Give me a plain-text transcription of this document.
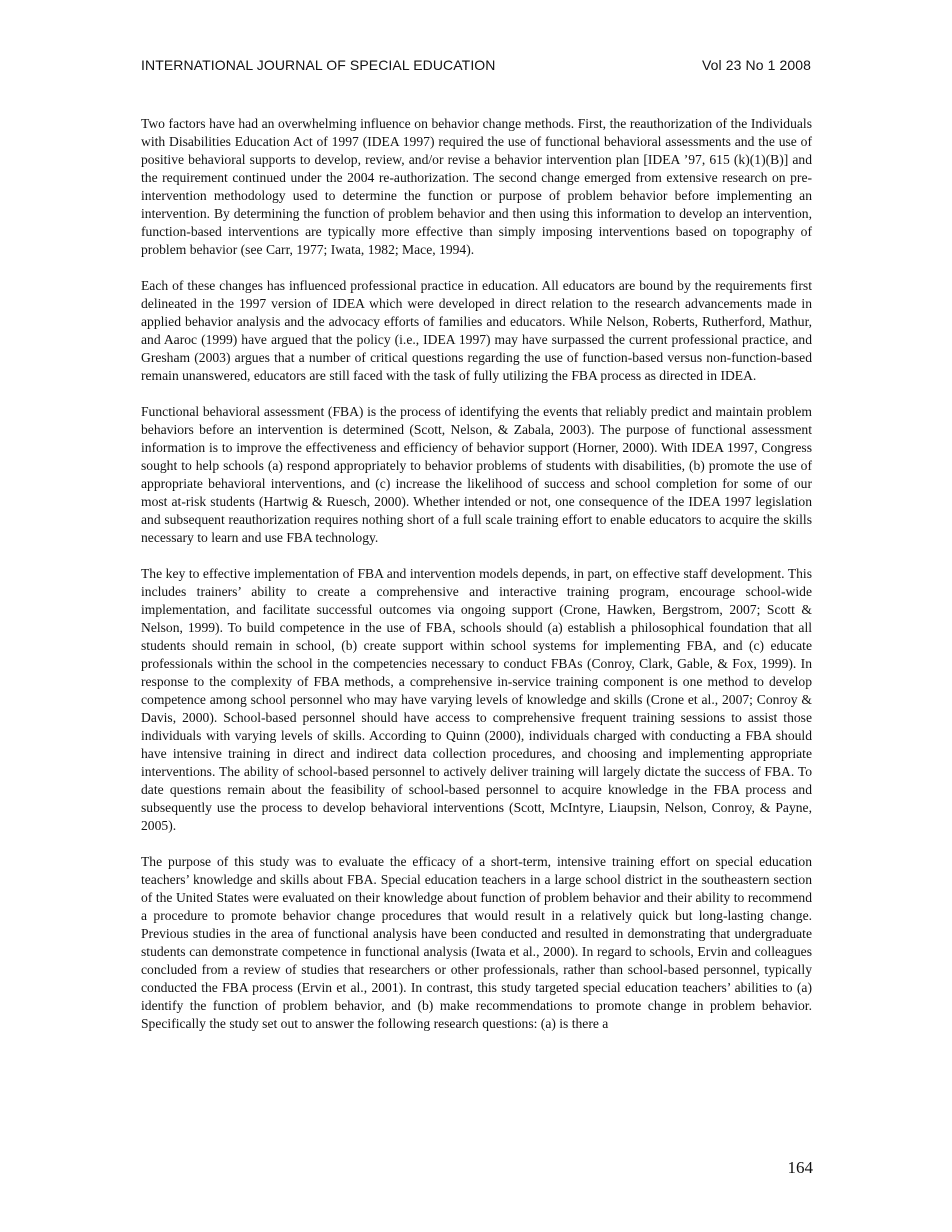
INTERNATIONAL JOURNAL OF SPECIAL EDUCATION	Vol 23 No 1 2008

Two factors have had an overwhelming influence on behavior change methods. First, the reauthorization of the Individuals with Disabilities Education Act of 1997 (IDEA 1997) required the use of functional behavioral assessments and the use of positive behavioral supports to develop, review, and/or revise a behavior intervention plan [IDEA ’97, 615 (k)(1)(B)] and the requirement continued under the 2004 re-authorization. The second change emerged from extensive research on pre-intervention methodology used to determine the function or purpose of problem behavior before implementing an intervention. By determining the function of problem behavior and then using this information to develop an intervention, function-based interventions are typically more effective than simply imposing interventions based on topography of problem behavior (see Carr, 1977; Iwata, 1982; Mace, 1994).

Each of these changes has influenced professional practice in education. All educators are bound by the requirements first delineated in the 1997 version of IDEA which were developed in direct relation to the research advancements made in applied behavior analysis and the advocacy efforts of families and educators. While Nelson, Roberts, Rutherford, Mathur, and Aaroc (1999) have argued that the policy (i.e., IDEA 1997) may have surpassed the current professional practice, and Gresham (2003) argues that a number of critical questions regarding the use of function-based versus non-function-based remain unanswered, educators are still faced with the task of fully utilizing the FBA process as directed in IDEA.

Functional behavioral assessment (FBA) is the process of identifying the events that reliably predict and maintain problem behaviors before an intervention is determined (Scott, Nelson, & Zabala, 2003). The purpose of functional assessment information is to improve the effectiveness and efficiency of behavior support (Horner, 2000). With IDEA 1997, Congress sought to help schools (a) respond appropriately to behavior problems of students with disabilities, (b) promote the use of appropriate behavioral interventions, and (c) increase the likelihood of success and school completion for some of our most at-risk students (Hartwig & Ruesch, 2000). Whether intended or not, one consequence of the IDEA 1997 legislation and subsequent reauthorization requires nothing short of a full scale training effort to enable educators to acquire the skills necessary to learn and use FBA technology.

The key to effective implementation of FBA and intervention models depends, in part, on effective staff development. This includes trainers’ ability to create a comprehensive and interactive training program, encourage school-wide implementation, and facilitate successful outcomes via ongoing support (Crone, Hawken, Bergstrom, 2007; Scott & Nelson, 1999). To build competence in the use of FBA, schools should (a) establish a philosophical foundation that all students should remain in school, (b) create support within school systems for implementing FBA, and (c) educate professionals within the school in the competencies necessary to conduct FBAs (Conroy, Clark, Gable, & Fox, 1999). In response to the complexity of FBA methods, a comprehensive in-service training component is one method to develop competence among school personnel who may have varying levels of knowledge and skills (Crone et al., 2007; Conroy & Davis, 2000). School-based personnel should have access to comprehensive frequent training sessions to assist those individuals with varying levels of skills. According to Quinn (2000), individuals charged with conducting a FBA should have intensive training in direct and indirect data collection procedures, and choosing and implementing appropriate interventions. The ability of school-based personnel to actively deliver training will largely dictate the success of FBA. To date questions remain about the feasibility of school-based personnel to acquire knowledge in the FBA process and subsequently use the process to develop behavioral interventions (Scott, McIntyre, Liaupsin, Nelson, Conroy, & Payne, 2005).

The purpose of this study was to evaluate the efficacy of a short-term, intensive training effort on special education teachers’ knowledge and skills about FBA. Special education teachers in a large school district in the southeastern section of the United States were evaluated on their knowledge about function of problem behavior and their ability to recommend a procedure to promote behavior change procedures that would result in a relatively quick but long-lasting change. Previous studies in the area of functional analysis have been conducted and resulted in demonstrating that undergraduate students can demonstrate competence in functional analysis (Iwata et al., 2000). In regard to schools, Ervin and colleagues concluded from a review of studies that researchers or other professionals, rather than school-based personnel, typically conducted the FBA process (Ervin et al., 2001). In contrast, this study targeted special education teachers’ abilities to (a) identify the function of problem behavior, and (b) make recommendations to promote change in problem behavior. Specifically the study set out to answer the following research questions: (a) is there a

164
